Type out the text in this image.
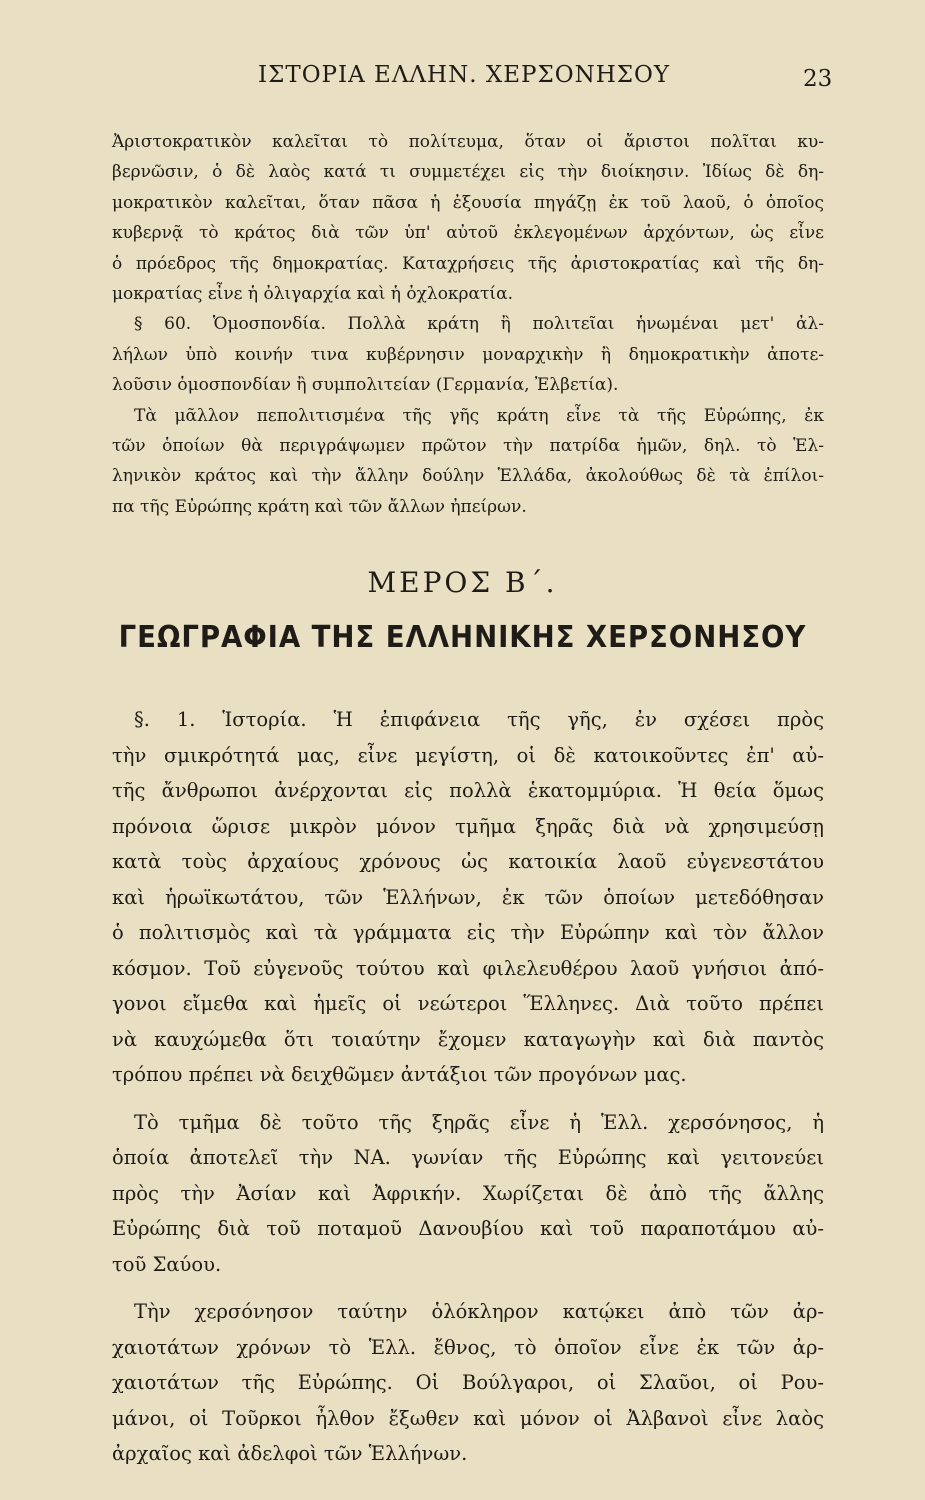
ΙΣΤΟΡΙΑ ΕΛΛΗΝ. ΧΕΡΣΟΝΗΣΟΥ	23
Ἀριστοκρατικὸν καλεῖται τὸ πολίτευμα, ὅταν οἱ ἄριστοι πολῖται κυ-
βερνῶσιν, ὁ δὲ λαὸς κατά τι συμμετέχει εἰς τὴν διοίκησιν. Ἰδίως δὲ δη-
μοκρατικὸν καλεῖται, ὅταν πᾶσα ἡ ἐξουσία πηγάζῃ ἐκ τοῦ λαοῦ, ὁ ὁποῖος
κυβερνᾷ τὸ κράτος διὰ τῶν ὑπ' αὐτοῦ ἐκλεγομένων ἀρχόντων, ὡς εἶνε
ὁ πρόεδρος τῆς δημοκρατίας. Καταχρήσεις τῆς ἀριστοκρατίας καὶ τῆς δη-
μοκρατίας εἶνε ἡ ὀλιγαρχία καὶ ἡ ὀχλοκρατία.
§ 60. Ὁμοσπονδία. Πολλὰ κράτη ἢ πολιτεῖαι ἡνωμέναι μετ' ἀλ-
λήλων ὑπὸ κοινήν τινα κυβέρνησιν μοναρχικὴν ἢ δημοκρατικὴν ἀποτε-
λοῦσιν ὁμοσπονδίαν ἢ συμπολιτείαν (Γερμανία, Ἐλβετία).
Τὰ μᾶλλον πεπολιτισμένα τῆς γῆς κράτη εἶνε τὰ τῆς Εὐρώπης, ἐκ
τῶν ὁποίων θὰ περιγράψωμεν πρῶτον τὴν πατρίδα ἡμῶν, δηλ. τὸ Ἑλ-
ληνικὸν κράτος καὶ τὴν ἄλλην δούλην Ἑλλάδα, ἀκολούθως δὲ τὰ ἐπίλοι-
πα τῆς Εὐρώπης κράτη καὶ τῶν ἄλλων ἠπείρων.
ΜΕΡΟΣ Β΄.
ΓΕΩΓΡΑΦΙΑ ΤΗΣ ΕΛΛΗΝΙΚΗΣ ΧΕΡΣΟΝΗΣΟΥ
§. 1. Ἱστορία. Ἡ ἐπιφάνεια τῆς γῆς, ἐν σχέσει πρὸς
τὴν σμικρότητά μας, εἶνε μεγίστη, οἱ δὲ κατοικοῦντες ἐπ' αὐ-
τῆς ἄνθρωποι ἀνέρχονται εἰς πολλὰ ἑκατομμύρια. Ἡ θεία ὅμως
πρόνοια ὥρισε μικρὸν μόνον τμῆμα ξηρᾶς διὰ νὰ χρησιμεύσῃ
κατὰ τοὺς ἀρχαίους χρόνους ὡς κατοικία λαοῦ εὐγενεστάτου
καὶ ἡρωϊκωτάτου, τῶν Ἑλλήνων, ἐκ τῶν ὁποίων μετεδόθησαν
ὁ πολιτισμὸς καὶ τὰ γράμματα εἰς τὴν Εὐρώπην καὶ τὸν ἄλλον
κόσμον. Τοῦ εὐγενοῦς τούτου καὶ φιλελευθέρου λαοῦ γνήσιοι ἀπό-
γονοι εἴμεθα καὶ ἡμεῖς οἱ νεώτεροι Ἕλληνες. Διὰ τοῦτο πρέπει
νὰ καυχώμεθα ὅτι τοιαύτην ἔχομεν καταγωγὴν καὶ διὰ παντὸς
τρόπου πρέπει νὰ δειχθῶμεν ἀντάξιοι τῶν προγόνων μας.
Τὸ τμῆμα δὲ τοῦτο τῆς ξηρᾶς εἶνε ἡ Ἑλλ. χερσόνησος, ἡ
ὁποία ἀποτελεῖ τὴν ΝΑ. γωνίαν τῆς Εὐρώπης καὶ γειτονεύει
πρὸς τὴν Ἀσίαν καὶ Ἀφρικήν. Χωρίζεται δὲ ἀπὸ τῆς ἄλλης
Εὐρώπης διὰ τοῦ ποταμοῦ Δανουβίου καὶ τοῦ παραποτάμου αὐ-
τοῦ Σαύου.
Τὴν χερσόνησον ταύτην ὁλόκληρον κατῴκει ἀπὸ τῶν ἀρ-
χαιοτάτων χρόνων τὸ Ἑλλ. ἔθνος, τὸ ὁποῖον εἶνε ἐκ τῶν ἀρ-
χαιοτάτων τῆς Εὐρώπης. Οἱ Βούλγαροι, οἱ Σλαῦοι, οἱ Ρου-
μάνοι, οἱ Τοῦρκοι ἦλθον ἔξωθεν καὶ μόνον οἱ Ἀλβανοὶ εἶνε λαὸς
ἀρχαῖος καὶ ἀδελφοὶ τῶν Ἑλλήνων.
